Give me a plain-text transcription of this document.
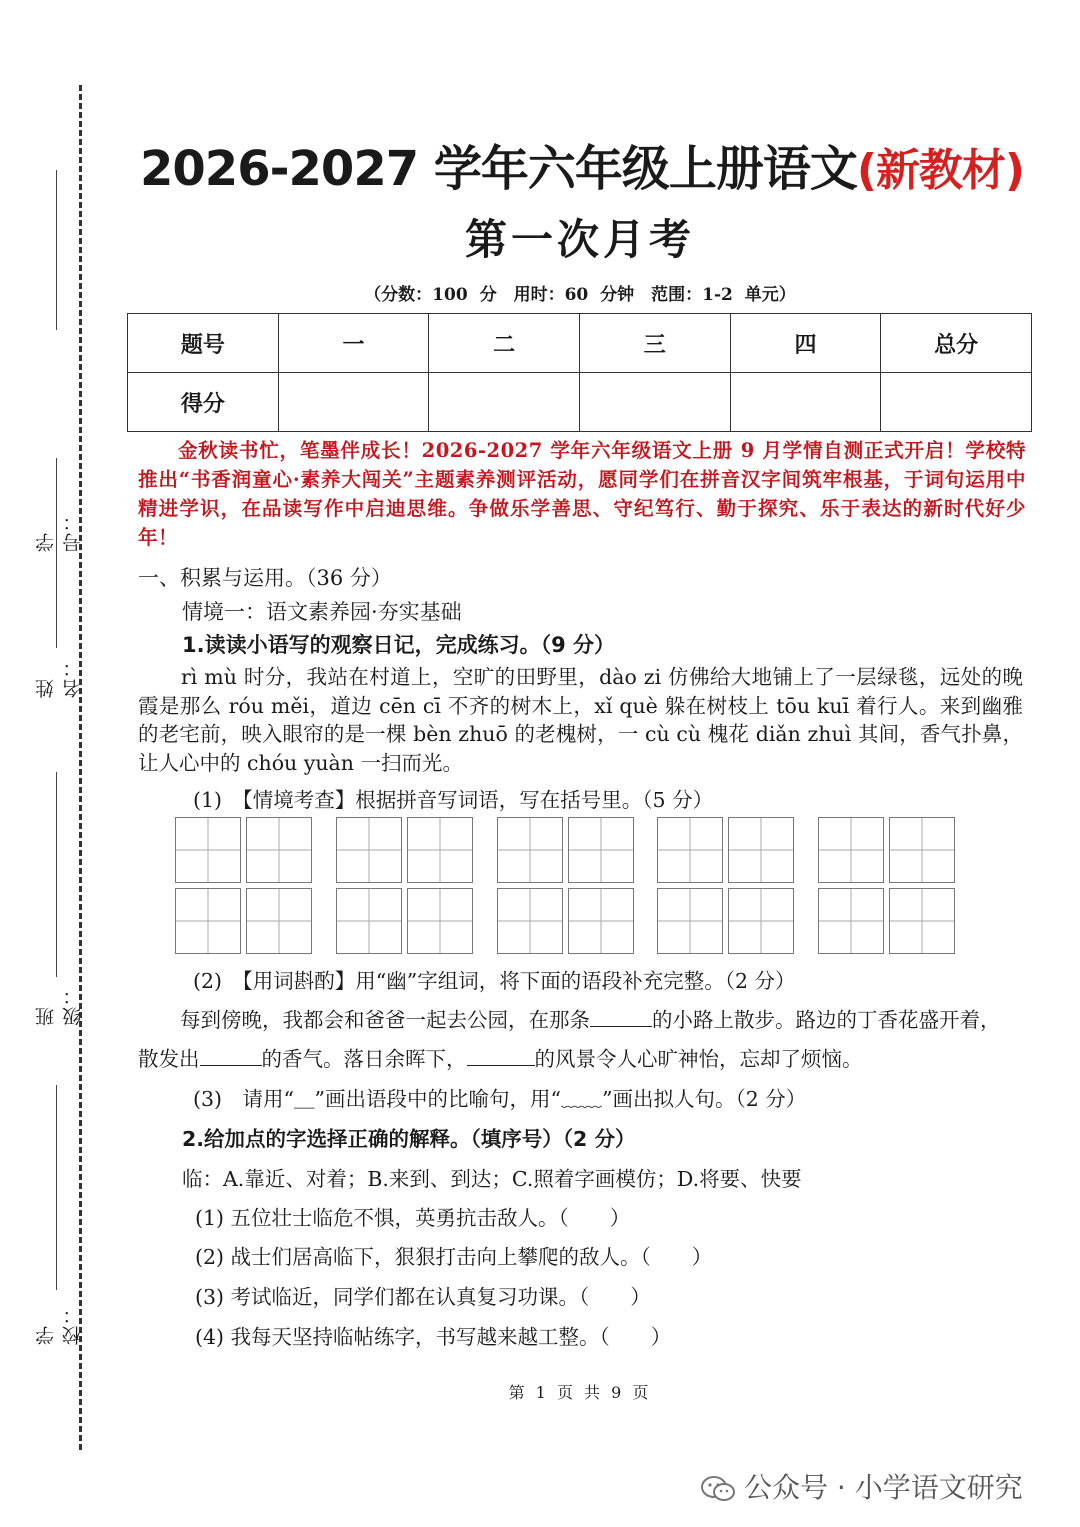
学号：
姓名：
班级：
学校：
2026-2027 学年六年级上册语文(新教材)
第一次月考
（分数：100 分　用时：60 分钟　范围：1-2 单元）
题号	一	二	三	四	总分
得分					
金秋读书忙，笔墨伴成长！2026-2027 学年六年级语文上册 9 月学情自测正式开启！学校特推出“书香润童心·素养大闯关”主题素养测评活动，愿同学们在拼音汉字间筑牢根基，于词句运用中精进学识，在品读写作中启迪思维。争做乐学善思、守纪笃行、勤于探究、乐于表达的新时代好少年！
一、积累与运用。（36 分）
情境一：语文素养园·夯实基础
1.读读小语写的观察日记，完成练习。（9 分）
rì mù 时分，我站在村道上，空旷的田野里，dào zi 仿佛给大地铺上了一层绿毯，远处的晚霞是那么 róu měi，道边 cēn cī 不齐的树木上，xǐ què 躲在树枝上 tōu kuī 着行人。来到幽雅的老宅前，映入眼帘的是一棵 bèn zhuō 的老槐树，一 cù cù 槐花 diǎn zhuì 其间，香气扑鼻，让人心中的 chóu yuàn 一扫而光。
(1)　【情境考查】根据拼音写词语，写在括号里。（5 分）
(2)　【用词斟酌】用“幽”字组词，将下面的语段补充完整。（2 分）
每到傍晚，我都会和爸爸一起去公园，在那条	的小路上散步。路边的丁香花盛开着，
散发出	的香气。落日余晖下，	的风景令人心旷神怡，忘却了烦恼。
(3)　请用“＿”画出语段中的比喻句，用“﹏﹏”画出拟人句。（2 分）
2.给加点的字选择正确的解释。（填序号）（2 分）
临：A.靠近、对着；B.来到、到达；C.照着字画模仿；D.将要、快要
(1) 五位壮士临危不惧，英勇抗击敌人。（　　）
(2) 战士们居高临下，狠狠打击向上攀爬的敌人。（　　）
(3) 考试临近，同学们都在认真复习功课。（　　）
(4) 我每天坚持临帖练字，书写越来越工整。（　　）
第 1 页 共 9 页
公众号 · 小学语文研究
